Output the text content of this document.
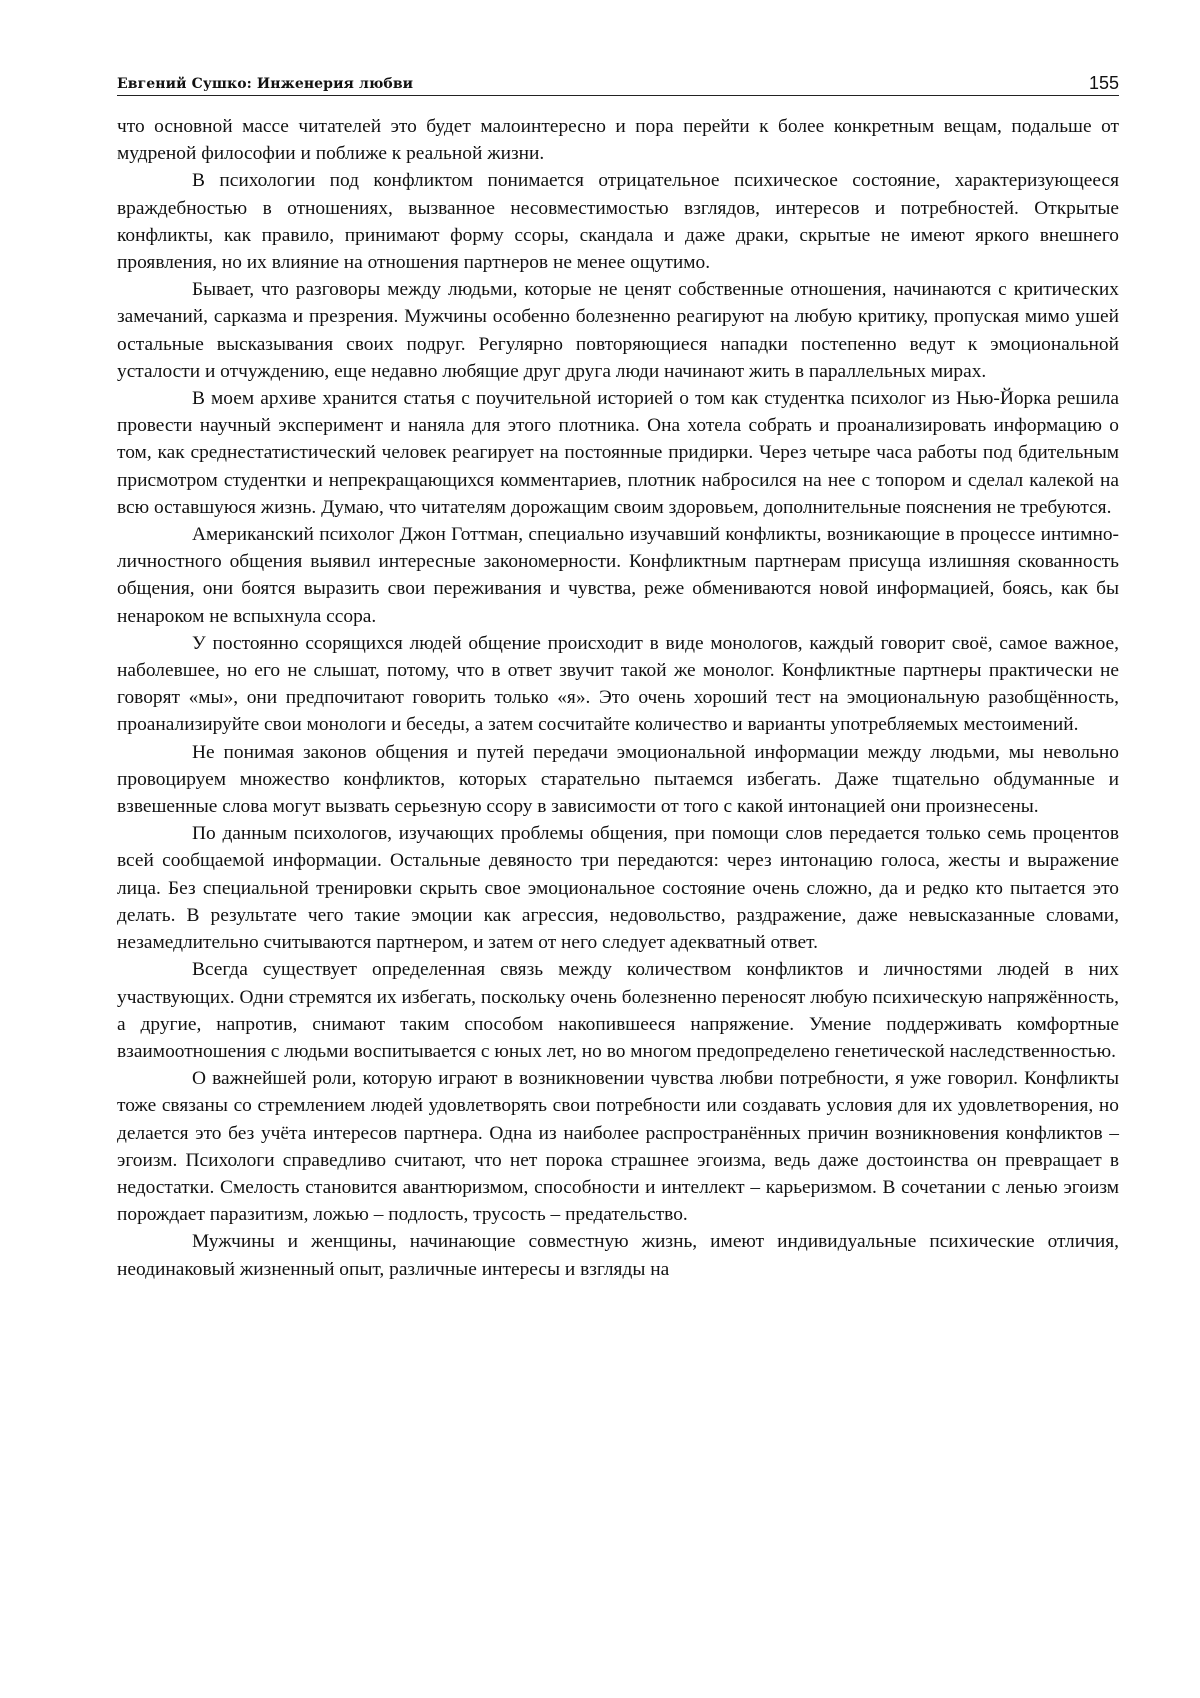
Евгений Сушко: Инженерия любви	155

что основной массе читателей это будет малоинтересно и пора перейти к более конкретным вещам, подальше от мудреной философии и поближе к реальной жизни.

В психологии под конфликтом понимается отрицательное психическое состояние, характеризующееся враждебностью в отношениях, вызванное несовместимостью взглядов, интересов и потребностей. Открытые конфликты, как правило, принимают форму ссоры, скандала и даже драки, скрытые не имеют яркого внешнего проявления, но их влияние на отношения партнеров не менее ощутимо.

Бывает, что разговоры между людьми, которые не ценят собственные отношения, начинаются с критических замечаний, сарказма и презрения. Мужчины особенно болезненно реагируют на любую критику, пропуская мимо ушей остальные высказывания своих подруг. Регулярно повторяющиеся нападки постепенно ведут к эмоциональной усталости и отчуждению, еще недавно любящие друг друга люди начинают жить в параллельных мирах.

В моем архиве хранится статья с поучительной историей о том как студентка психолог из Нью-Йорка решила провести научный эксперимент и наняла для этого плотника. Она хотела собрать и проанализировать информацию о том, как среднестатистический человек реагирует на постоянные придирки. Через четыре часа работы под бдительным присмотром студентки и непрекращающихся комментариев, плотник набросился на нее с топором и сделал калекой на всю оставшуюся жизнь. Думаю, что читателям дорожащим своим здоровьем, дополнительные пояснения не требуются.

Американский психолог Джон Готтман, специально изучавший конфликты, возникающие в процессе интимно-личностного общения выявил интересные закономерности. Конфликтным партнерам присуща излишняя скованность общения, они боятся выразить свои переживания и чувства, реже обмениваются новой информацией, боясь, как бы ненароком не вспыхнула ссора.

У постоянно ссорящихся людей общение происходит в виде монологов, каждый говорит своё, самое важное, наболевшее, но его не слышат, потому, что в ответ звучит такой же монолог. Конфликтные партнеры практически не говорят «мы», они предпочитают говорить только «я». Это очень хороший тест на эмоциональную разобщённость, проанализируйте свои монологи и беседы, а затем сосчитайте количество и варианты употребляемых местоимений.

Не понимая законов общения и путей передачи эмоциональной информации между людьми, мы невольно провоцируем множество конфликтов, которых старательно пытаемся избегать. Даже тщательно обдуманные и взвешенные слова могут вызвать серьезную ссору в зависимости от того с какой интонацией они произнесены.

По данным психологов, изучающих проблемы общения, при помощи слов передается только семь процентов всей сообщаемой информации. Остальные девяносто три передаются: через интонацию голоса, жесты и выражение лица. Без специальной тренировки скрыть свое эмоциональное состояние очень сложно, да и редко кто пытается это делать. В результате чего такие эмоции как агрессия, недовольство, раздражение, даже невысказанные словами, незамедлительно считываются партнером, и затем от него следует адекватный ответ.

Всегда существует определенная связь между количеством конфликтов и личностями людей в них участвующих. Одни стремятся их избегать, поскольку очень болезненно переносят любую психическую напряжённость, а другие, напротив, снимают таким способом накопившееся напряжение. Умение поддерживать комфортные взаимоотношения с людьми воспитывается с юных лет, но во многом предопределено генетической наследственностью.

О важнейшей роли, которую играют в возникновении чувства любви потребности, я уже говорил. Конфликты тоже связаны со стремлением людей удовлетворять свои потребности или создавать условия для их удовлетворения, но делается это без учёта интересов партнера. Одна из наиболее распространённых причин возникновения конфликтов – эгоизм. Психологи справедливо считают, что нет порока страшнее эгоизма, ведь даже достоинства он превращает в недостатки. Смелость становится авантюризмом, способности и интеллект – карьеризмом. В сочетании с ленью эгоизм порождает паразитизм, ложью – подлость, трусость – предательство.

Мужчины и женщины, начинающие совместную жизнь, имеют индивидуальные психические отличия, неодинаковый жизненный опыт, различные интересы и взгляды на
